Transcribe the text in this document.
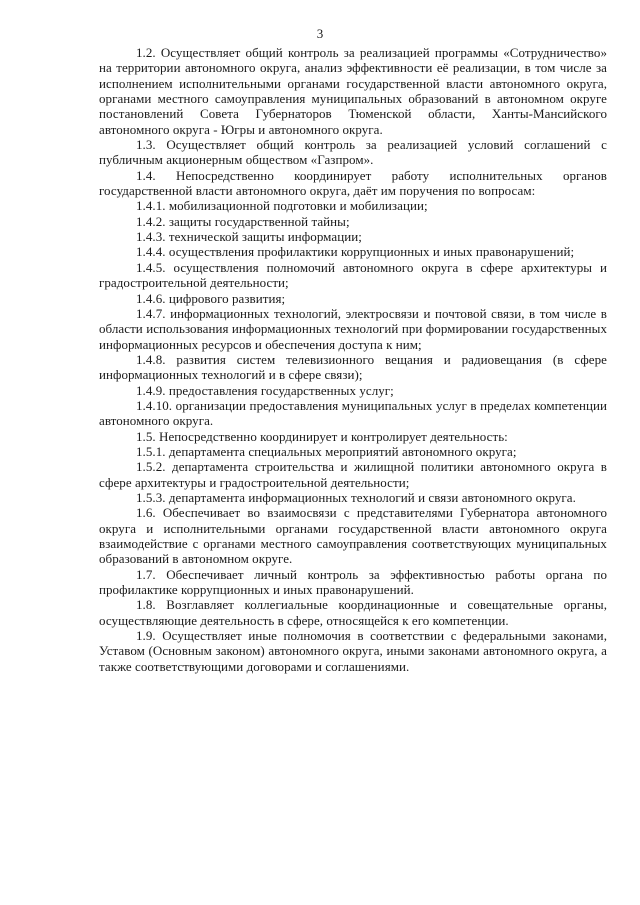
3

1.2. Осуществляет общий контроль за реализацией программы «Сотрудничество» на территории автономного округа, анализ эффективности её реализации, в том числе за исполнением исполнительными органами государственной власти автономного округа, органами местного самоуправления муниципальных образований в автономном округе постановлений Совета Губернаторов Тюменской области, Ханты-Мансийского автономного округа - Югры и автономного округа.

1.3. Осуществляет общий контроль за реализацией условий соглашений с публичным акционерным обществом «Газпром».

1.4. Непосредственно координирует работу исполнительных органов государственной власти автономного округа, даёт им поручения по вопросам:

1.4.1. мобилизационной подготовки и мобилизации;

1.4.2. защиты государственной тайны;

1.4.3. технической защиты информации;

1.4.4. осуществления профилактики коррупционных и иных правонарушений;

1.4.5. осуществления полномочий автономного округа в сфере архитектуры и градостроительной деятельности;

1.4.6. цифрового развития;

1.4.7. информационных технологий, электросвязи и почтовой связи, в том числе в области использования информационных технологий при формировании государственных информационных ресурсов и обеспечения доступа к ним;

1.4.8. развития систем телевизионного вещания и радиовещания (в сфере информационных технологий и в сфере связи);

1.4.9. предоставления государственных услуг;

1.4.10. организации предоставления муниципальных услуг в пределах компетенции автономного округа.

1.5. Непосредственно координирует и контролирует деятельность:

1.5.1. департамента специальных мероприятий автономного округа;

1.5.2. департамента строительства и жилищной политики автономного округа в сфере архитектуры и градостроительной деятельности;

1.5.3. департамента информационных технологий и связи автономного округа.

1.6. Обеспечивает во взаимосвязи с представителями Губернатора автономного округа и исполнительными органами государственной власти автономного округа взаимодействие с органами местного самоуправления соответствующих муниципальных образований в автономном округе.

1.7. Обеспечивает личный контроль за эффективностью работы органа по профилактике коррупционных и иных правонарушений.

1.8. Возглавляет коллегиальные координационные и совещательные органы, осуществляющие деятельность в сфере, относящейся к его компетенции.

1.9. Осуществляет иные полномочия в соответствии с федеральными законами, Уставом (Основным законом) автономного округа, иными законами автономного округа, а также соответствующими договорами и соглашениями.
